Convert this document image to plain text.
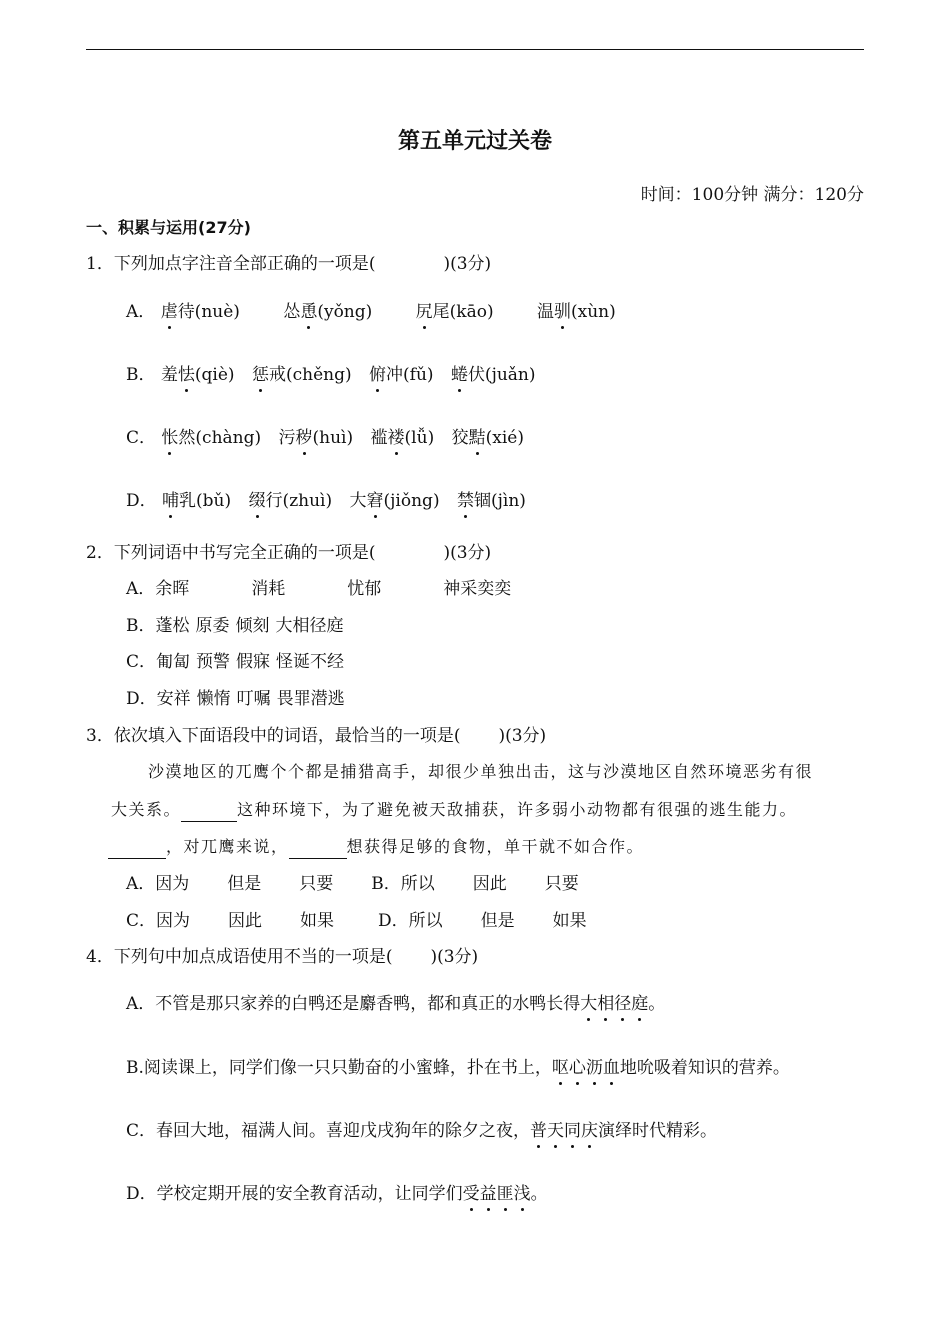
第五单元过关卷
时间：100分钟 满分：120分
一、积累与运用(27分)
1．下列加点字注音全部正确的一项是(	)(3分)
A． 虐待(nuè)	怂恿(yǒng)	尻尾(kāo)	温驯(xùn)
B． 羞怯(qiè) 惩戒(chěng) 俯冲(fǔ) 蜷伏(juǎn)
C． 怅然(chàng) 污秽(huì) 褴褛(lǚ) 狡黠(xié)
D． 哺乳(bǔ) 缀行(zhuì) 大窘(jiǒng) 禁锢(jìn)
2．下列词语中书写完全正确的一项是(	)(3分)
A．余晖	消耗	忧郁	神采奕奕
B．蓬松 原委 倾刻 大相径庭
C．匍匐 预警 假寐 怪诞不经
D．安祥 懒惰 叮嘱 畏罪潜逃
3．依次填入下面语段中的词语，最恰当的一项是( )(3分)
沙漠地区的兀鹰个个都是捕猎高手，却很少单独出击，这与沙漠地区自然环境恶劣有很
大关系。	这种环境下，为了避免被天敌捕获，许多弱小动物都有很强的逃生能力。
，对兀鹰来说，	想获得足够的食物，单干就不如合作。
A．因为 但是 只要 B．所以 因此 只要
C．因为 因此 如果	D．所以 但是 如果
4．下列句中加点成语使用不当的一项是( )(3分)
A．不管是那只家养的白鸭还是麝香鸭，都和真正的水鸭长得大相径庭。
B.阅读课上，同学们像一只只勤奋的小蜜蜂，扑在书上，呕心沥血地吮吸着知识的营养。
C．春回大地，福满人间。喜迎戊戌狗年的除夕之夜，普天同庆演绎时代精彩。
D．学校定期开展的安全教育活动，让同学们受益匪浅。
